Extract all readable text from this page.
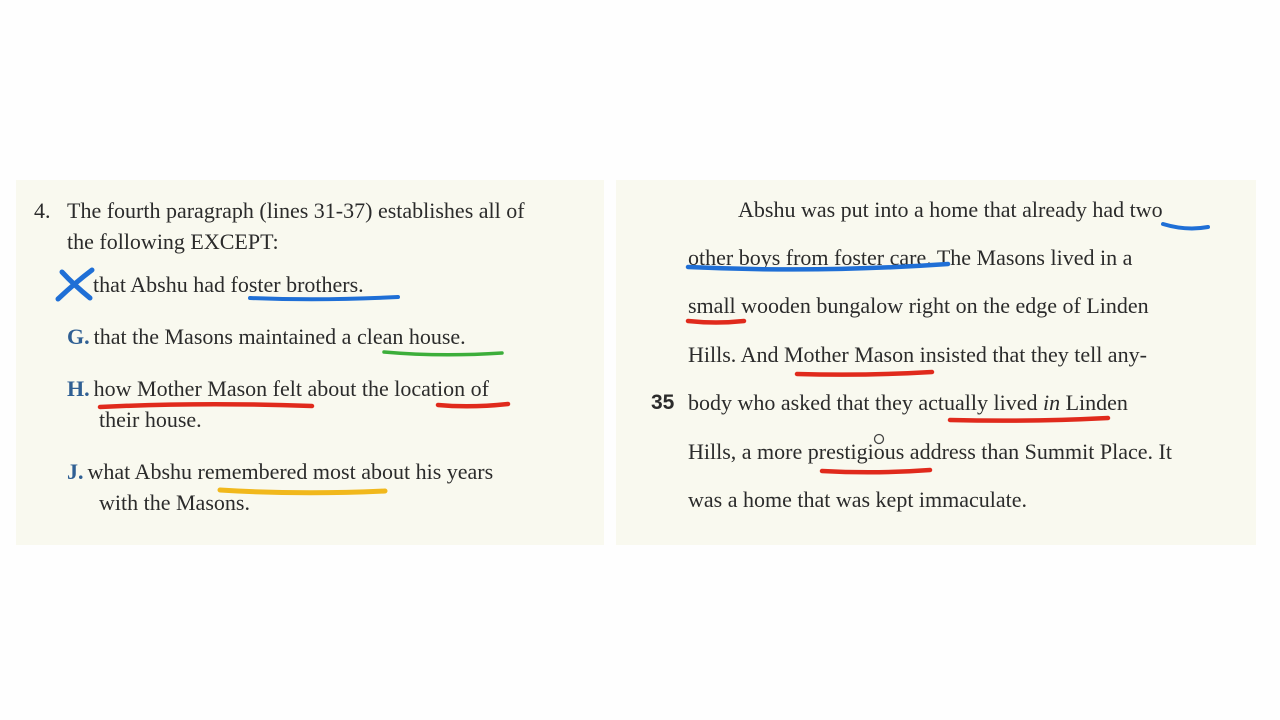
4. The fourth paragraph (lines 31-37) establishes all of
the following EXCEPT:
that Abshu had foster brothers.
G. that the Masons maintained a clean house.
H. how Mother Mason felt about the location of
their house.
J. what Abshu remembered most about his years
with the Masons.
Abshu was put into a home that already had two
other boys from foster care. The Masons lived in a
small wooden bungalow right on the edge of Linden
Hills. And Mother Mason insisted that they tell any-
35 body who asked that they actually lived in Linden
Hills, a more prestigious address than Summit Place. It
was a home that was kept immaculate.
